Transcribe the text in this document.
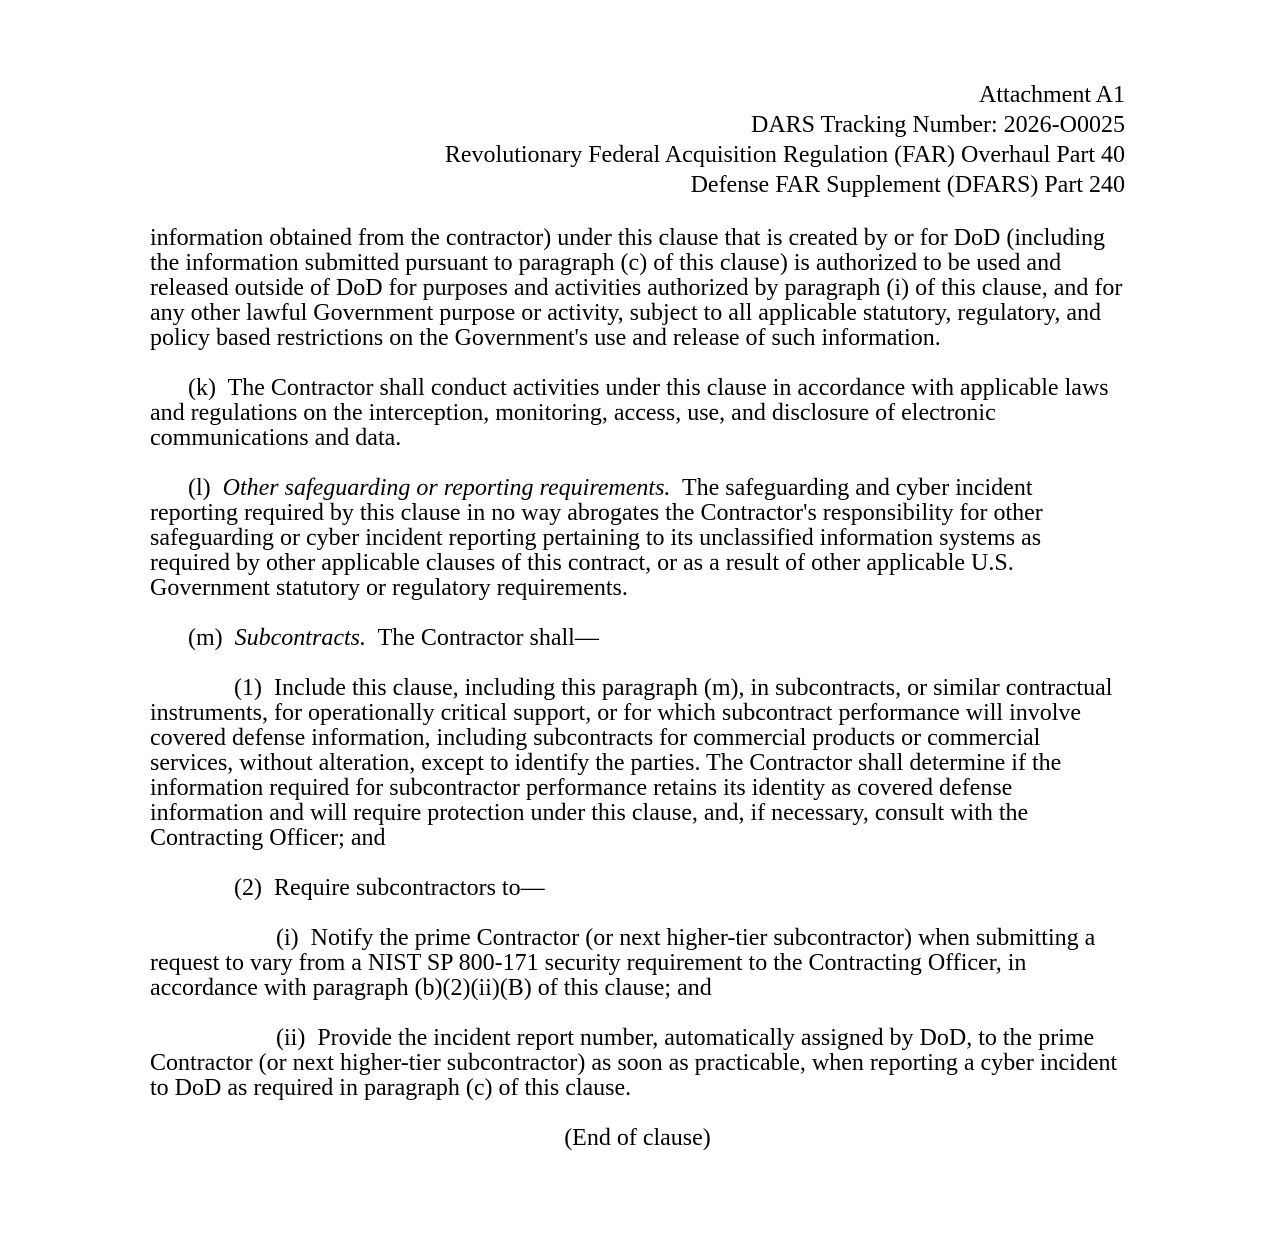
Attachment A1
DARS Tracking Number: 2026-O0025
Revolutionary Federal Acquisition Regulation (FAR) Overhaul Part 40
Defense FAR Supplement (DFARS) Part 240

information obtained from the contractor) under this clause that is created by or for DoD (including the information submitted pursuant to paragraph (c) of this clause) is authorized to be used and released outside of DoD for purposes and activities authorized by paragraph (i) of this clause, and for any other lawful Government purpose or activity, subject to all applicable statutory, regulatory, and policy based restrictions on the Government's use and release of such information.

(k) The Contractor shall conduct activities under this clause in accordance with applicable laws and regulations on the interception, monitoring, access, use, and disclosure of electronic communications and data.

(l) Other safeguarding or reporting requirements. The safeguarding and cyber incident reporting required by this clause in no way abrogates the Contractor's responsibility for other safeguarding or cyber incident reporting pertaining to its unclassified information systems as required by other applicable clauses of this contract, or as a result of other applicable U.S. Government statutory or regulatory requirements.

(m) Subcontracts. The Contractor shall—

(1) Include this clause, including this paragraph (m), in subcontracts, or similar contractual instruments, for operationally critical support, or for which subcontract performance will involve covered defense information, including subcontracts for commercial products or commercial services, without alteration, except to identify the parties. The Contractor shall determine if the information required for subcontractor performance retains its identity as covered defense information and will require protection under this clause, and, if necessary, consult with the Contracting Officer; and

(2) Require subcontractors to—

(i) Notify the prime Contractor (or next higher-tier subcontractor) when submitting a request to vary from a NIST SP 800-171 security requirement to the Contracting Officer, in accordance with paragraph (b)(2)(ii)(B) of this clause; and

(ii) Provide the incident report number, automatically assigned by DoD, to the prime Contractor (or next higher-tier subcontractor) as soon as practicable, when reporting a cyber incident to DoD as required in paragraph (c) of this clause.

(End of clause)
